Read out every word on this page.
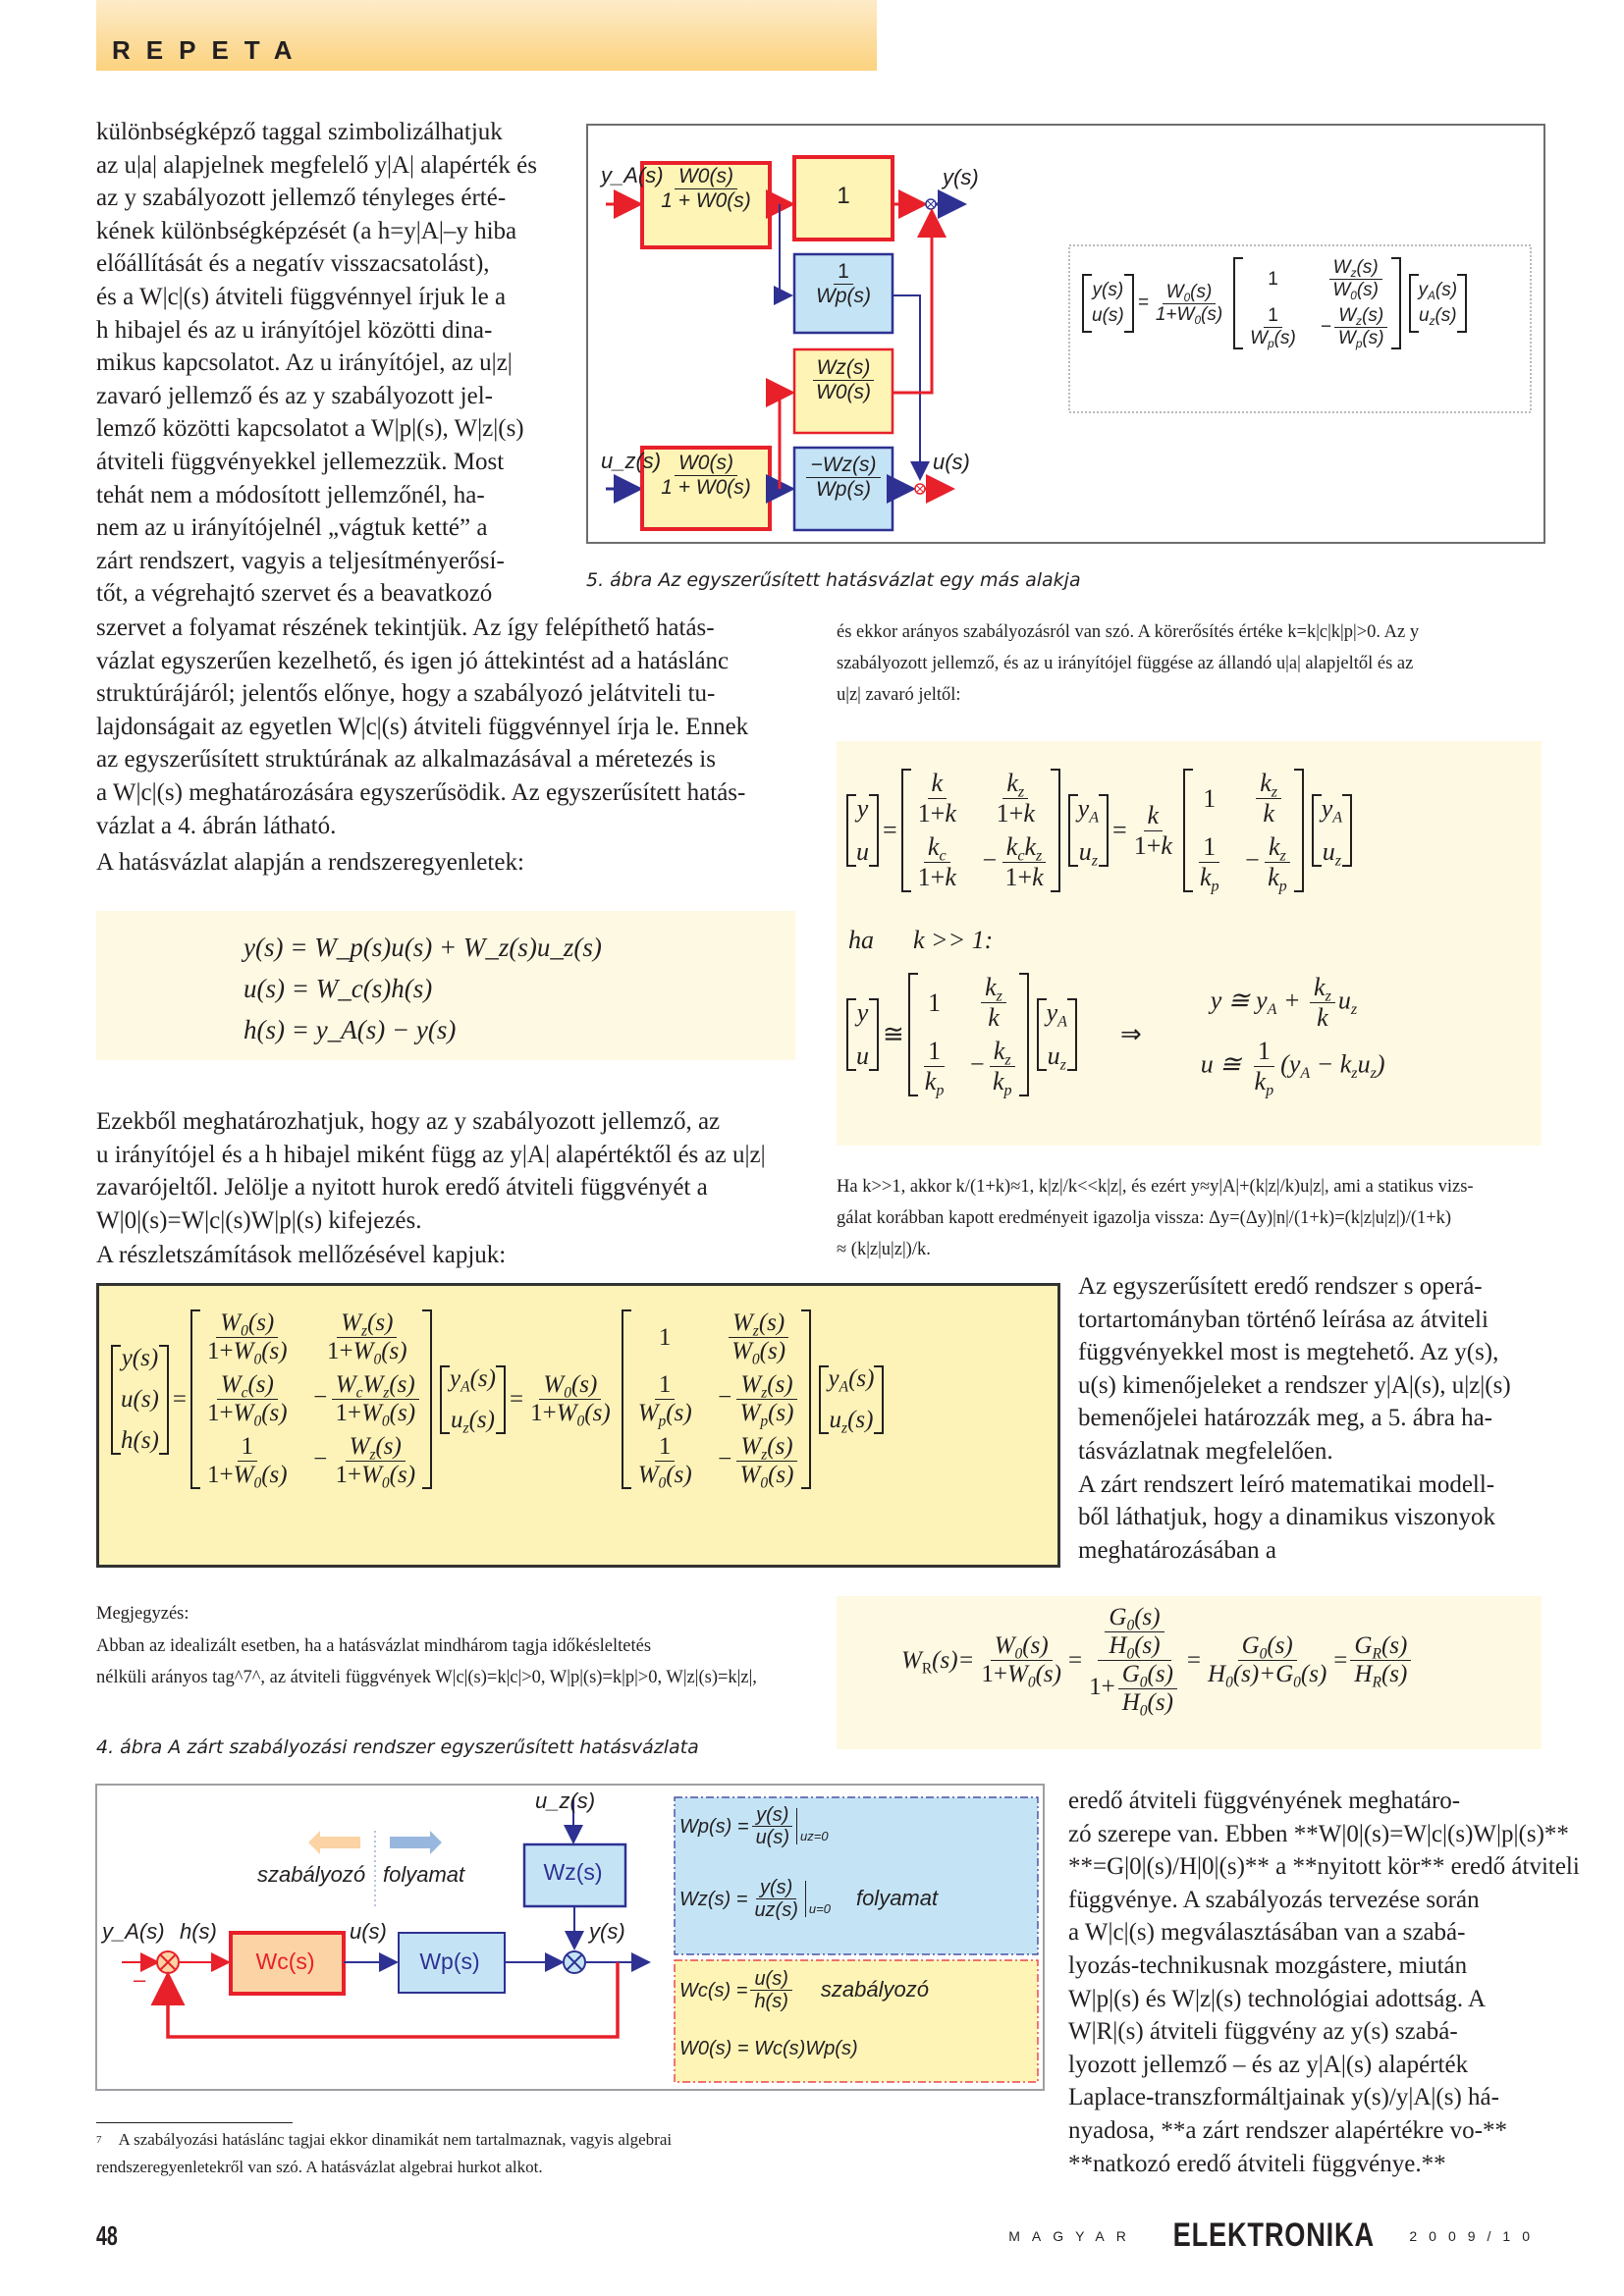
REPETA
különbségképző taggal szimbolizálhatjuk
az u|a| alapjelnek megfelelő y|A| alapérték és
az y szabályozott jellemző tényleges érté-
kének különbségképzését (a h=y|A|–y hiba
előállítását és a negatív visszacsatolást),
és a W|c|(s) átviteli függvénnyel írjuk le a
h hibajel és az u irányítójel közötti dina-
mikus kapcsolatot. Az u irányítójel, az u|z|
zavaró jellemző és az y szabályozott jel-
lemző közötti kapcsolatot a W|p|(s), W|z|(s)
átviteli függvényekkel jellemezzük. Most
tehát nem a módosított jellemzőnél, ha-
nem az u irányítójelnél „vágtuk ketté” a
zárt rendszert, vagyis a teljesítményerősí-
tőt, a végrehajtó szervet és a beavatkozó
y_A(s)	y(s)
u_z(s)	u(s)
$\frac{W0(s)}{1 + W0(s)}$	1
$\frac{1}{Wp(s)}$
$\frac{Wz(s)}{W0(s)}$
$\frac{W0(s)}{1 + W0(s)}$	$\frac{-Wz(s)}{Wp(s)}$
y(s)
u(s)
= $\frac{W_0(s)}{1+W_0(s)}$
1
$W_z(s)$
$W_0(s)$
1
$W_p(s)$
− $\frac{W_z(s)}{W_p(s)}$
$y_A(s)$
$u_z(s)$
5. ábra Az egyszerűsített hatásvázlat egy más alakja
szervet a folyamat részének tekintjük. Az így felépíthető hatás-
vázlat egyszerűen kezelhető, és igen jó áttekintést ad a hatáslánc
struktúrájáról; jelentős előnye, hogy a szabályozó jelátviteli tu-
lajdonságait az egyetlen W|c|(s) átviteli függvénnyel írja le. Ennek
az egyszerűsített struktúrának az alkalmazásával a méretezés is
a W|c|(s) meghatározására egyszerűsödik. Az egyszerűsített hatás-
vázlat a 4. ábrán látható.
A hatásvázlat alapján a rendszeregyenletek:
y(s) = W_p(s)u(s) + W_z(s)u_z(s)
u(s) = W_c(s)h(s)
h(s) = y_A(s) − y(s)
Ezekből meghatározhatjuk, hogy az y szabályozott jellemző, az
u irányítójel és a h hibajel miként függ az y|A| alapértéktől és az u|z|
zavarójeltől. Jelölje a nyitott hurok eredő átviteli függvényét a
W|0|(s)=W|c|(s)W|p|(s) kifejezés.
A részletszámítások mellőzésével kapjuk:
y(s)
u(s)
h(s)
=
$W_0(s)$
$1+W_0(s)$
$W_z(s)$
$1+W_0(s)$
$W_c(s)$
$1+W_0(s)$
− $W_cW_z(s)$
$1+W_0(s)$
1
$1+W_0(s)$
− $\frac{W_z(s)}{1+W_0(s)}$
$y_A(s)$
$u_z(s)$
= $\frac{W_0(s)}{1+W_0(s)}$
1
$W_z(s)$
$W_0(s)$
1
$W_p(s)$
− $\frac{W_z(s)}{W_p(s)}$
1
$W_0(s)$
− $\frac{W_z(s)}{W_0(s)}$
$y_A(s)$
$u_z(s)$
és ekkor arányos szabályozásról van szó. A körerősítés értéke k=k|c|k|p|>0. Az y
szabályozott jellemző, és az u irányítójel függése az állandó u|a| alapjeltől és az
u|z| zavaró jeltől:
y
u
=
k
1+k
$k_z$
1+k
$k_c$
1+k
− $k_ck_z$
1+k
$y_A$
$u_z$
= $\frac{k}{1+k}$
1
$k_z$
k
1
$k_p$
− $\frac{k_z}{k_p}$
$y_A$
$u_z$
ha k >> 1:
y
u
≅
1
$k_z$
k
1
$k_p$
− $\frac{k_z}{k_p}$
$y_A$
$u_z$
⇒
y ≅ $y_A + \frac{k_z}{k} u_z$
u ≅ $\frac{1}{k_p} (y_A - k_zu_z)$
Ha k>>1, akkor k/(1+k)≈1, k|z|/k<<k|z|, és ezért y≈y|A|+(k|z|/k)u|z|, ami a statikus vizs-
gálat korábban kapott eredményeit igazolja vissza: Δy=(Δy)|n|/(1+k)=(k|z|u|z|)/(1+k)
≈ (k|z|u|z|)/k.
Az egyszerűsített eredő rendszer s operá-
tortartományban történő leírása az átviteli
függvényekkel most is megtehető. Az y(s),
u(s) kimenőjeleket a rendszer y|A|(s), u|z|(s)
bemenőjelei határozzák meg, a 5. ábra ha-
tásvázlatnak megfelelően.
A zárt rendszert leíró matematikai modell-
ből láthatjuk, hogy a dinamikus viszonyok
meghatározásában a
Megjegyzés:
Abban az idealizált esetben, ha a hatásvázlat mindhárom tagja időkésleltetés
nélküli arányos tag^7^, az átviteli függvények W|c|(s)=k|c|>0, W|p|(s)=k|p|>0, W|z|(s)=k|z|,
$W_R(s)= \frac{W_0(s)}{1+W_0(s)} = \frac{\frac{G_0(s)}{H_0(s)}}{1+ \frac{G_0(s)}{H_0(s)}} = \frac{G_0(s)}{H_0(s)+G_0(s)} = \frac{G_R(s)}{H_R(s)}$
4. ábra A zárt szabályozási rendszer egyszerűsített hatásvázlata
u_z(s)
szabályozó folyamat	Wz(s)
y_A(s) h(s)	u(s)	y(s)
–
Wc(s)	Wp(s)
$Wp(s) = \frac{y(s)}{u(s)} uz=0$
$Wz(s) = \frac{y(s)}{uz(s)} u=0$ folyamat
$Wc(s) = \frac{u(s)}{h(s)}$ szabályozó
W0(s) = Wc(s)Wp(s)
eredő átviteli függvényének meghatáro-
zó szerepe van. Ebben **W|0|(s)=W|c|(s)W|p|(s)**
**=G|0|(s)/H|0|(s)** a **nyitott kör** eredő átviteli
függvénye. A szabályozás tervezése során
a W|c|(s) megválasztásában van a szabá-
lyozás-technikusnak mozgástere, miután
W|p|(s) és W|z|(s) technológiai adottság. A
W|R|(s) átviteli függvény az y(s) szabá-
lyozott jellemző – és az y|A|(s) alapérték
Laplace-transzformáltjainak y(s)/y|A|(s) há-
nyadosa, **a zárt rendszer alapértékre vo-**
**natkozó eredő átviteli függvénye.**
$^7$ A szabályozási hatáslánc tagjai ekkor dinamikát nem tartalmaznak, vagyis algebrai
rendszeregyenletekről van szó. A hatásvázlat algebrai hurkot alkot.
48	MAGYAR ELEKTRONIKA	2009/10
